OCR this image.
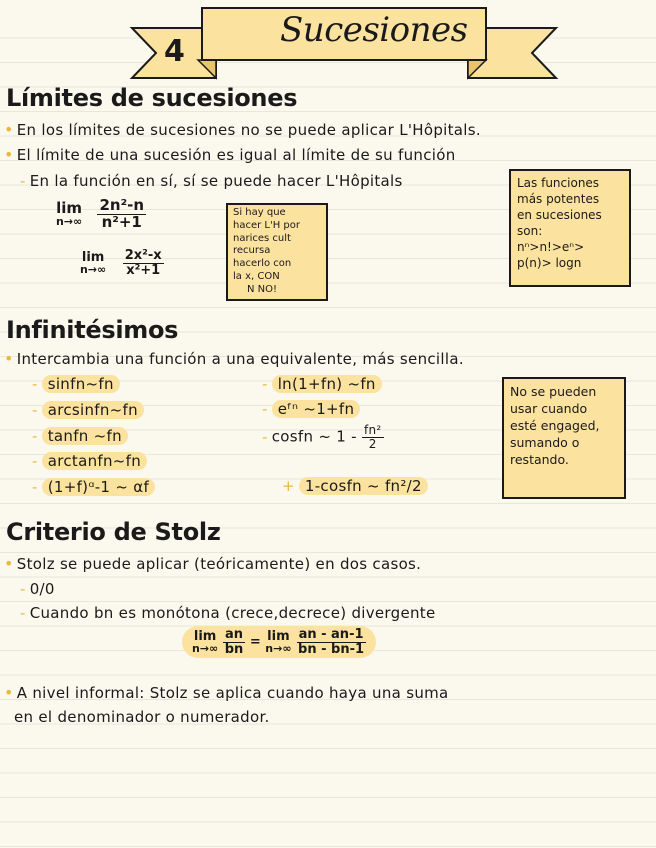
4
Sucesiones
Límites de sucesiones
• En los límites de sucesiones no se puede aplicar L'Hôpitals.
• El límite de una sucesión es igual al límite de su función
- En la función en sí, sí se puede hacer L'Hôpitals
lim
n→∞
$\frac{\text{2n²-n}}{\text{n²+1}}$
lim
n→∞
$\frac{\text{2x²-x}}{\text{x²+1}}$
Si hay que
hacer L'H por
narices cult
recursa
hacerlo con
la x, CON
N NO!
Las funciones
más potentes
en sucesiones
son:
nⁿ>n!>eⁿ>
p(n)> logn
Infinitésimos
• Intercambia una función a una equivalente, más sencilla.
- sinfn~fn
- arcsinfn~fn
- tanfn ~fn
- arctanfn~fn
- (1+f)ᵅ-1 ~ αf
- ln(1+fn) ~fn
- eᶠⁿ ~1+fn
- cosfn ~ $1 - \frac{\text{fn²}}{2}$
+ 1-cosfn ~ fn²/2
No se pueden
usar cuando
esté engaged,
sumando o
restando.
Criterio de Stolz
• Stolz se puede aplicar (teóricamente) en dos casos.
- 0/0
- Cuando bn es monótona (crece,decrece) divergente
lim
n→∞
$\frac{an}{bn} = \lim$
n→∞
$\frac{an - an-1}{bn - bn-1}$
• A nivel informal: Stolz se aplica cuando haya una suma
en el denominador o numerador.
